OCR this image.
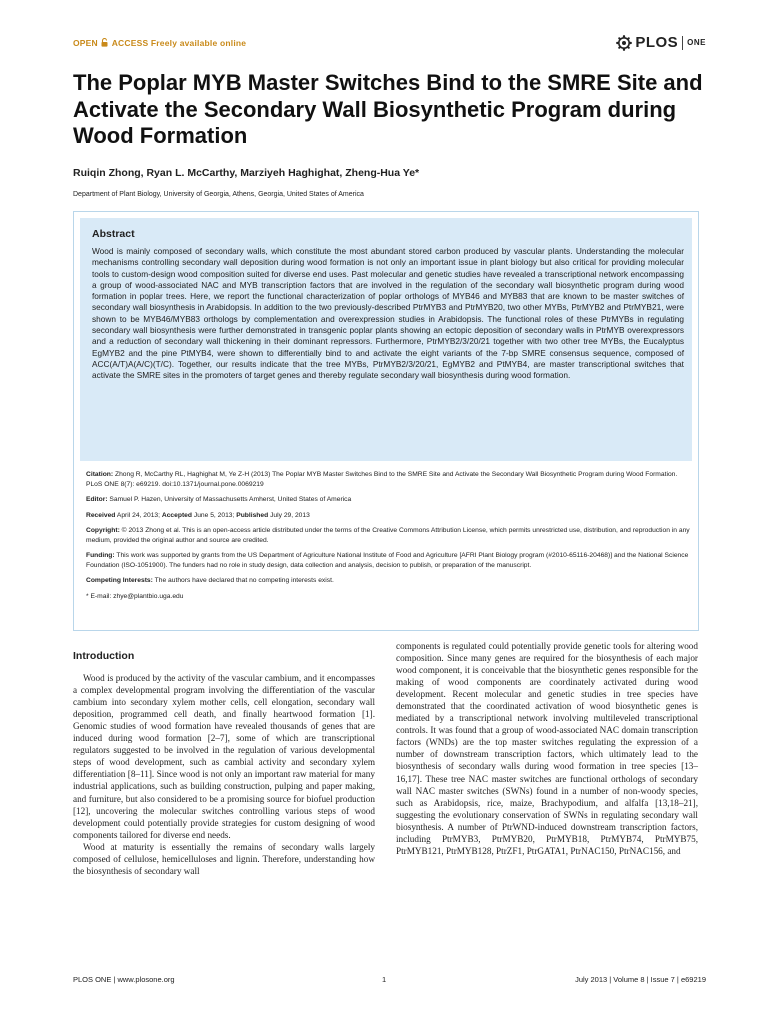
OPEN ACCESS Freely available online	PLOS ONE
The Poplar MYB Master Switches Bind to the SMRE Site and Activate the Secondary Wall Biosynthetic Program during Wood Formation
Ruiqin Zhong, Ryan L. McCarthy, Marziyeh Haghighat, Zheng-Hua Ye*
Department of Plant Biology, University of Georgia, Athens, Georgia, United States of America
Abstract

Wood is mainly composed of secondary walls, which constitute the most abundant stored carbon produced by vascular plants. Understanding the molecular mechanisms controlling secondary wall deposition during wood formation is not only an important issue in plant biology but also critical for providing molecular tools to custom-design wood composition suited for diverse end uses. Past molecular and genetic studies have revealed a transcriptional network encompassing a group of wood-associated NAC and MYB transcription factors that are involved in the regulation of the secondary wall biosynthetic program during wood formation in poplar trees. Here, we report the functional characterization of poplar orthologs of MYB46 and MYB83 that are known to be master switches of secondary wall biosynthesis in Arabidopsis. In addition to the two previously-described PtrMYB3 and PtrMYB20, two other MYBs, PtrMYB2 and PtrMYB21, were shown to be MYB46/MYB83 orthologs by complementation and overexpression studies in Arabidopsis. The functional roles of these PtrMYBs in regulating secondary wall biosynthesis were further demonstrated in transgenic poplar plants showing an ectopic deposition of secondary walls in PtrMYB overexpressors and a reduction of secondary wall thickening in their dominant repressors. Furthermore, PtrMYB2/3/20/21 together with two other tree MYBs, the Eucalyptus EgMYB2 and the pine PtMYB4, were shown to differentially bind to and activate the eight variants of the 7-bp SMRE consensus sequence, composed of ACC(A/T)A(A/C)(T/C). Together, our results indicate that the tree MYBs, PtrMYB2/3/20/21, EgMYB2 and PtMYB4, are master transcriptional switches that activate the SMRE sites in the promoters of target genes and thereby regulate secondary wall biosynthesis during wood formation.

Citation: Zhong R, McCarthy RL, Haghighat M, Ye Z-H (2013) The Poplar MYB Master Switches Bind to the SMRE Site and Activate the Secondary Wall Biosynthetic Program during Wood Formation. PLoS ONE 8(7): e69219. doi:10.1371/journal.pone.0069219

Editor: Samuel P. Hazen, University of Massachusetts Amherst, United States of America

Received April 24, 2013; Accepted June 5, 2013; Published July 29, 2013

Copyright: © 2013 Zhong et al. This is an open-access article distributed under the terms of the Creative Commons Attribution License, which permits unrestricted use, distribution, and reproduction in any medium, provided the original author and source are credited.

Funding: This work was supported by grants from the US Department of Agriculture National Institute of Food and Agriculture [AFRI Plant Biology program (#2010-65116-20468)] and the National Science Foundation (ISO-1051900). The funders had no role in study design, data collection and analysis, decision to publish, or preparation of the manuscript.

Competing Interests: The authors have declared that no competing interests exist.

* E-mail: zhye@plantbio.uga.edu

Introduction

Wood is produced by the activity of the vascular cambium, and it encompasses a complex developmental program involving the differentiation of the vascular cambium into secondary xylem mother cells, cell elongation, secondary wall deposition, programmed cell death, and finally heartwood formation [1]. Genomic studies of wood formation have revealed thousands of genes that are induced during wood formation [2–7], some of which are transcriptional regulators suggested to be involved in the regulation of various developmental steps of wood development, such as cambial activity and secondary xylem differentiation [8–11]. Since wood is not only an important raw material for many industrial applications, such as building construction, pulping and paper making, and furniture, but also considered to be a promising source for biofuel production [12], uncovering the molecular switches controlling various steps of wood development could potentially provide strategies for custom designing of wood components tailored for diverse end needs.

Wood at maturity is essentially the remains of secondary walls largely composed of cellulose, hemicelluloses and lignin. Therefore, understanding how the biosynthesis of secondary wall

components is regulated could potentially provide genetic tools for altering wood composition. Since many genes are required for the biosynthesis of each major wood component, it is conceivable that the biosynthetic genes responsible for the making of wood components are coordinately activated during wood development. Recent molecular and genetic studies in tree species have demonstrated that the coordinated activation of wood biosynthetic genes is mediated by a transcriptional network involving multileveled transcriptional controls. It was found that a group of wood-associated NAC domain transcription factors (WNDs) are the top master switches regulating the expression of a number of downstream transcription factors, which ultimately lead to the biosynthesis of secondary walls during wood formation in tree species [13–16,17]. These tree NAC master switches are functional orthologs of secondary wall NAC master switches (SWNs) found in a number of non-woody species, such as Arabidopsis, rice, maize, Brachypodium, and alfalfa [13,18–21], suggesting the evolutionary conservation of SWNs in regulating secondary wall biosynthesis. A number of PtrWND-induced downstream transcription factors, including PtrMYB3, PtrMYB20, PtrMYB18, PtrMYB74, PtrMYB75, PtrMYB121, PtrMYB128, PtrZF1, PtrGATA1, PtrNAC150, PtrNAC156, and

PLOS ONE | www.plosone.org	1	July 2013 | Volume 8 | Issue 7 | e69219
